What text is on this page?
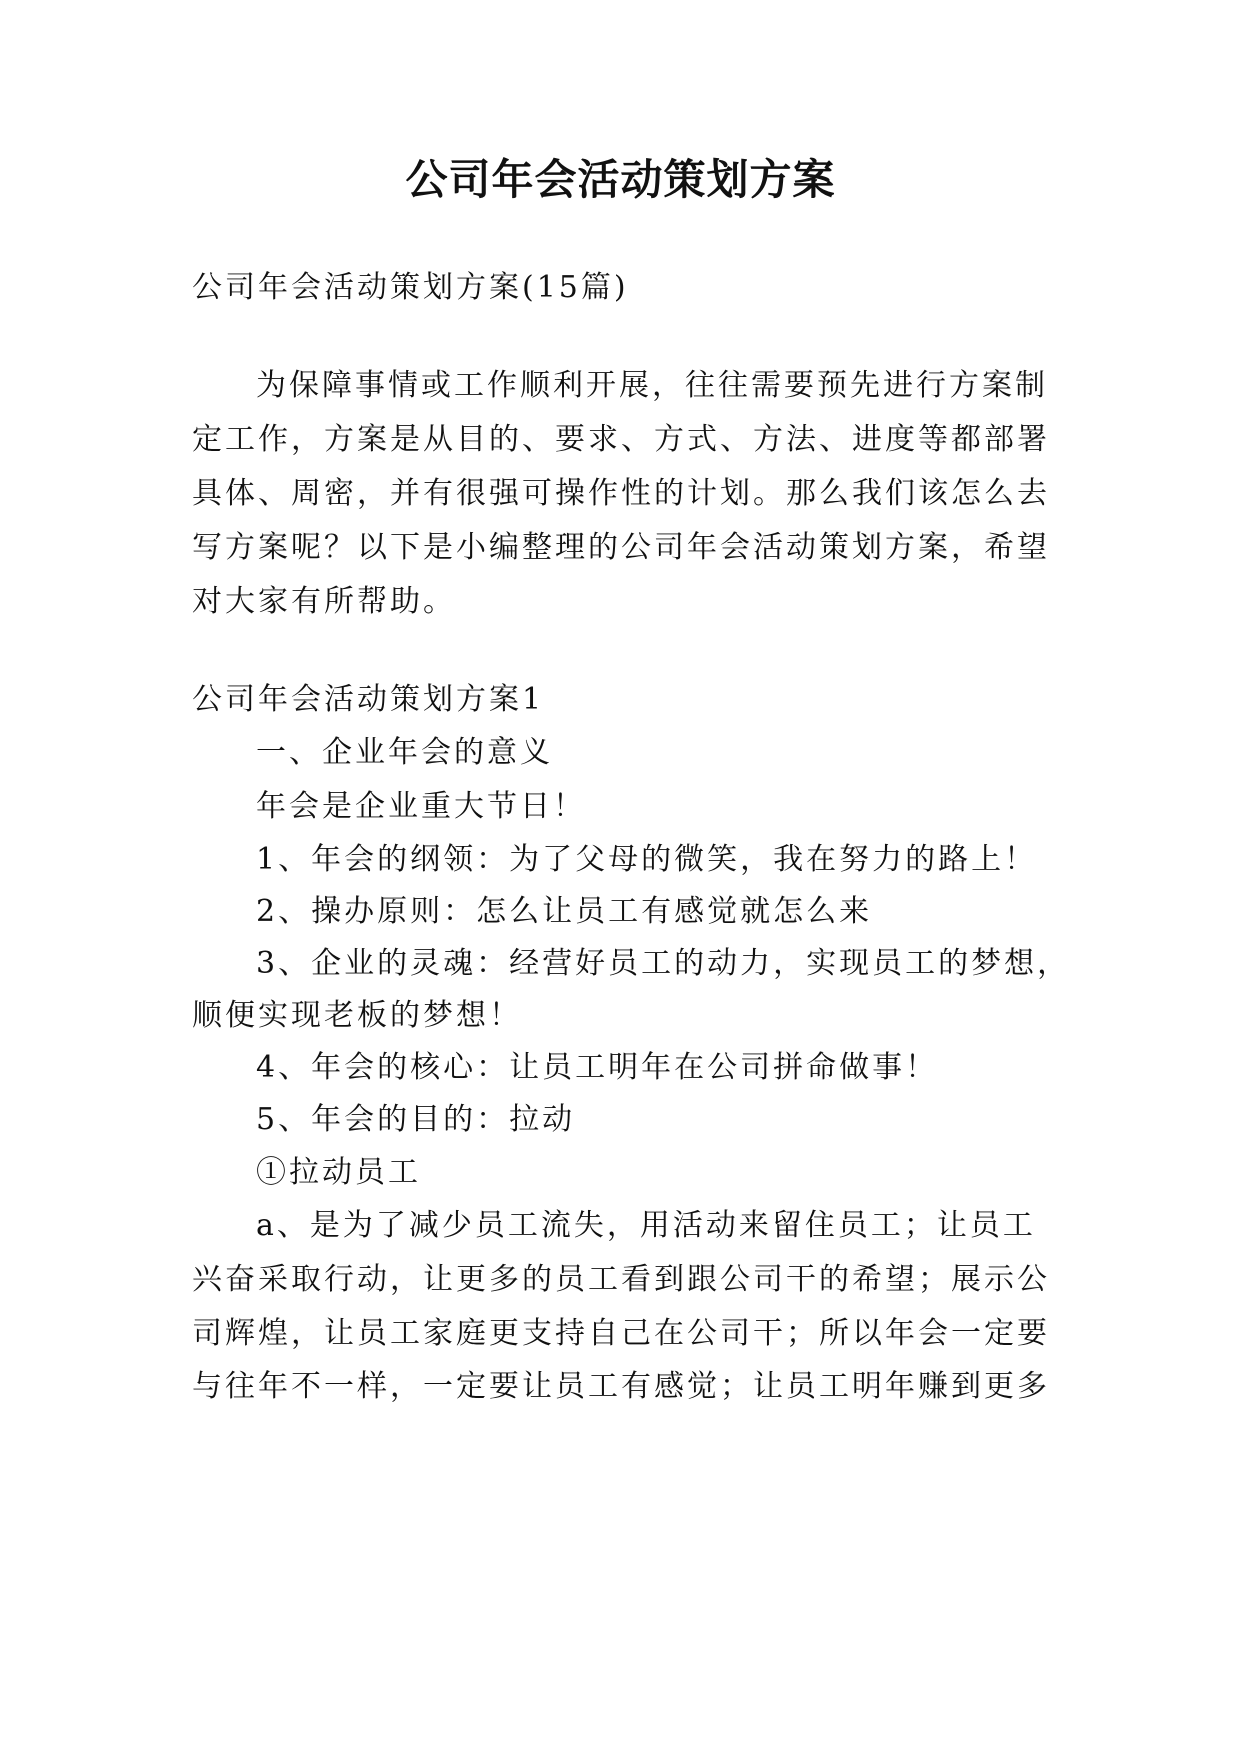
公司年会活动策划方案
公司年会活动策划方案(15篇)
为保障事情或工作顺利开展，往往需要预先进行方案制
定工作，方案是从目的、要求、方式、方法、进度等都部署
具体、周密，并有很强可操作性的计划。那么我们该怎么去
写方案呢？以下是小编整理的公司年会活动策划方案，希望
对大家有所帮助。
公司年会活动策划方案1
一、企业年会的意义
年会是企业重大节日！
1、年会的纲领：为了父母的微笑，我在努力的路上！
2、操办原则：怎么让员工有感觉就怎么来
3、企业的灵魂：经营好员工的动力，实现员工的梦想，
顺便实现老板的梦想！
4、年会的核心：让员工明年在公司拼命做事！
5、年会的目的：拉动
①拉动员工
a、是为了减少员工流失，用活动来留住员工；让员工
兴奋采取行动，让更多的员工看到跟公司干的希望；展示公
司辉煌，让员工家庭更支持自己在公司干；所以年会一定要
与往年不一样，一定要让员工有感觉；让员工明年赚到更多
